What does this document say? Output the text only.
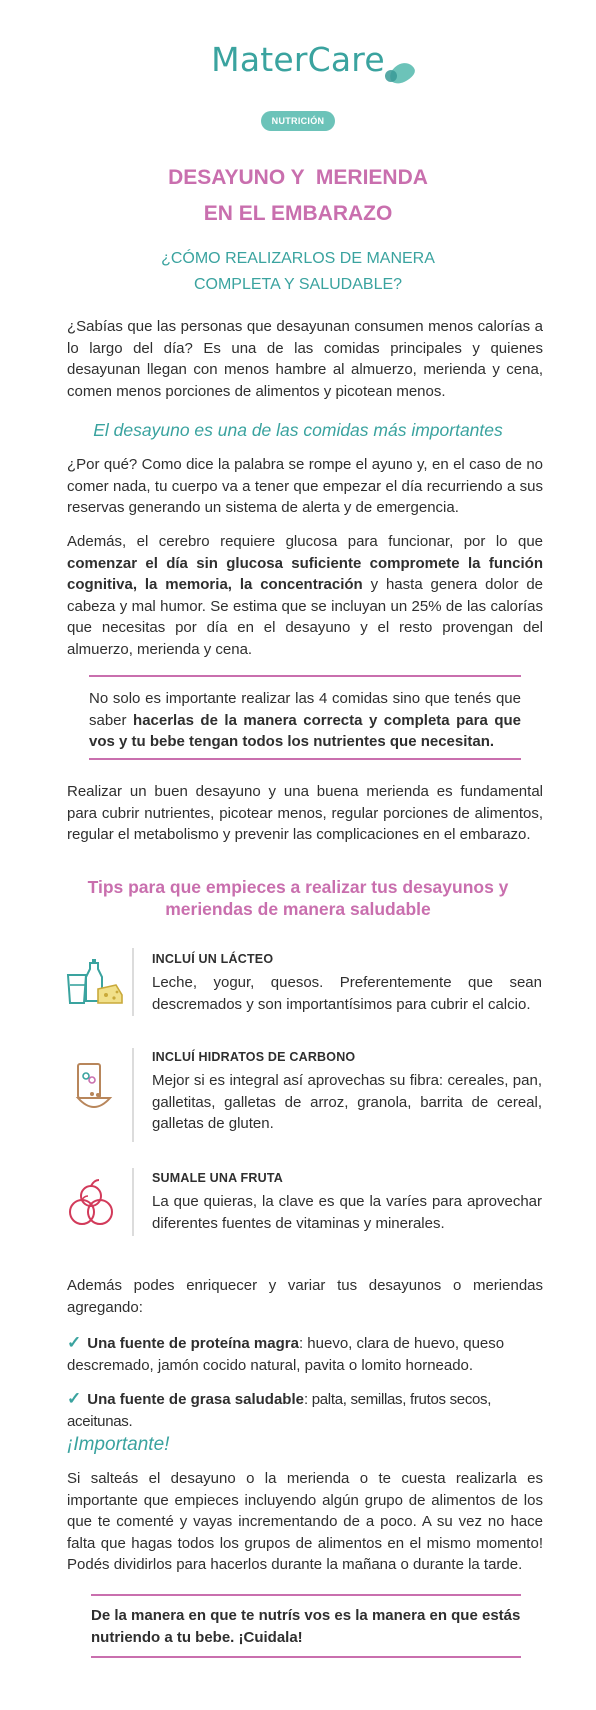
MaterCare
NUTRICIÓN
DESAYUNO Y  MERIENDA
EN EL EMBARAZO
¿CÓMO REALIZARLOS DE MANERA
COMPLETA Y SALUDABLE?

¿Sabías que las personas que desayunan consumen menos calorías a lo largo del día? Es una de las comidas principales y quienes desayunan llegan con menos hambre al almuerzo, merienda y cena, comen menos porciones de alimentos y picotean menos.

El desayuno es una de las comidas más importantes

¿Por qué? Como dice la palabra se rompe el ayuno y, en el caso de no comer nada, tu cuerpo va a tener que empezar el día recurriendo a sus reservas generando un sistema de alerta y de emergencia.

Además, el cerebro requiere glucosa para funcionar, por lo que comenzar el día sin glucosa suficiente compromete la función cognitiva, la memoria, la concentración y hasta genera dolor de cabeza y mal humor. Se estima que se incluyan un 25% de las calorías que necesitas por día en el desayuno y el resto provengan del almuerzo, merienda y cena.

No solo es importante realizar las 4 comidas sino que tenés que saber hacerlas de la manera correcta y completa para que vos y tu bebe tengan todos los nutrientes que necesitan.

Realizar un buen desayuno y una buena merienda es fundamental para cubrir nutrientes, picotear menos, regular porciones de alimentos, regular el metabolismo y prevenir las complicaciones en el embarazo.

Tips para que empieces a realizar tus desayunos y
meriendas de manera saludable
INCLUÍ UN LÁCTEO
Leche, yogur, quesos. Preferentemente que sean descremados y son importantísimos para cubrir el calcio.
INCLUÍ HIDRATOS DE CARBONO
Mejor si es integral así aprovechas su fibra: cereales, pan, galletitas, galletas de arroz, granola, barrita de cereal, galletas de gluten.
SUMALE UNA FRUTA
La que quieras, la clave es que la varíes para aprovechar diferentes fuentes de vitaminas y minerales.

Además podes enriquecer y variar tus desayunos o meriendas agregando:

✓ Una fuente de proteína magra: huevo, clara de huevo, queso descremado, jamón cocido natural, pavita o lomito horneado.
✓ Una fuente de grasa saludable: palta, semillas, frutos secos, aceitunas.
¡Importante!

Si salteás el desayuno o la merienda o te cuesta realizarla es importante que empieces incluyendo algún grupo de alimentos de los que te comenté y vayas incrementando de a poco. A su vez no hace falta que hagas todos los grupos de alimentos en el mismo momento! Podés dividirlos para hacerlos durante la mañana o durante la tarde.

De la manera en que te nutrís vos es la manera en que estás nutriendo a tu bebe. ¡Cuidala!
